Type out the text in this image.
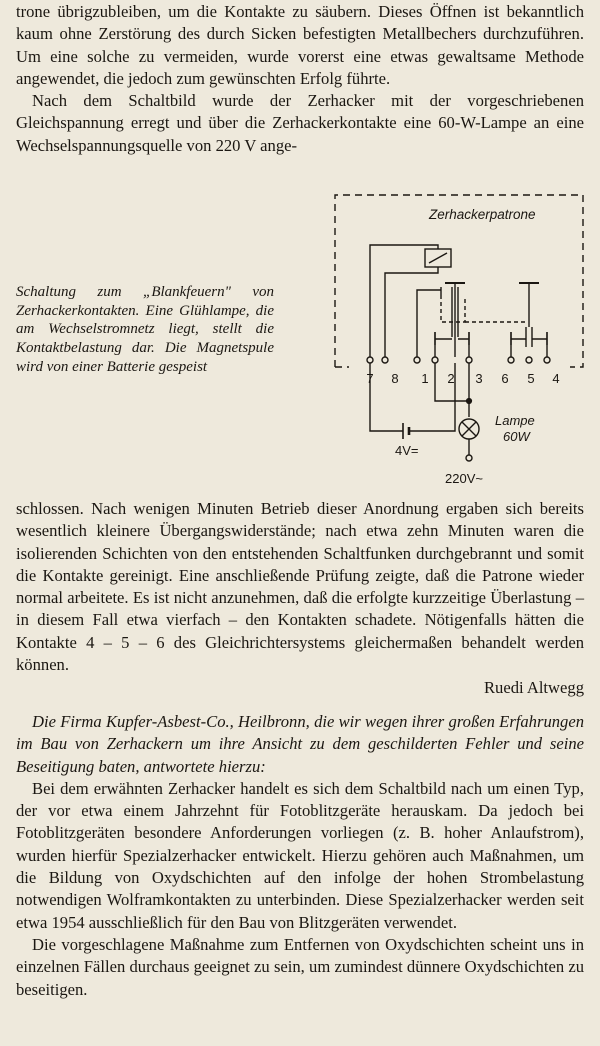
trone übrigzubleiben, um die Kontakte zu säubern. Dieses Öffnen ist bekanntlich kaum ohne Zerstörung des durch Sicken befestigten Metallbechers durchzuführen. Um eine solche zu vermeiden, wurde vorerst eine etwas gewaltsame Methode angewendet, die jedoch zum gewünschten Erfolg führte.

Nach dem Schaltbild wurde der Zerhacker mit der vorgeschriebenen Gleichspannung erregt und über die Zerhackerkontakte eine 60-W-Lampe an eine Wechselspannungsquelle von 220 V ange-

Schaltung zum „Blankfeuern" von Zerhackerkontakten. Eine Glühlampe, die am Wechselstromnetz liegt, stellt die Kontaktbelastung dar. Die Magnetspule wird von einer Batterie gespeist
Zerhackerpatrone
7 8 1 2 3 6 5 4
Lampe
60W
4V=
220V~

schlossen. Nach wenigen Minuten Betrieb dieser Anordnung ergaben sich bereits wesentlich kleinere Übergangswiderstände; nach etwa zehn Minuten waren die isolierenden Schichten von den entstehenden Schaltfunken durchgebrannt und somit die Kontakte gereinigt. Eine anschließende Prüfung zeigte, daß die Patrone wieder normal arbeitete. Es ist nicht anzunehmen, daß die erfolgte kurzzeitige Überlastung – in diesem Fall etwa vierfach – den Kontakten schadete. Nötigenfalls hätten die Kontakte 4 – 5 – 6 des Gleichrichtersystems gleichermaßen behandelt werden können.

Ruedi Altwegg

Die Firma Kupfer-Asbest-Co., Heilbronn, die wir wegen ihrer großen Erfahrungen im Bau von Zerhackern um ihre Ansicht zu dem geschilderten Fehler und seine Beseitigung baten, antwortete hierzu:

Bei dem erwähnten Zerhacker handelt es sich dem Schaltbild nach um einen Typ, der vor etwa einem Jahrzehnt für Fotoblitzgeräte herauskam. Da jedoch bei Fotoblitzgeräten besondere Anforderungen vorliegen (z. B. hoher Anlaufstrom), wurden hierfür Spezialzerhacker entwickelt. Hierzu gehören auch Maßnahmen, um die Bildung von Oxydschichten auf den infolge der hohen Strombelastung notwendigen Wolframkontakten zu unterbinden. Diese Spezialzerhacker werden seit etwa 1954 ausschließlich für den Bau von Blitzgeräten verwendet.

Die vorgeschlagene Maßnahme zum Entfernen von Oxydschichten scheint uns in einzelnen Fällen durchaus geeignet zu sein, um zumindest dünnere Oxydschichten zu beseitigen.
